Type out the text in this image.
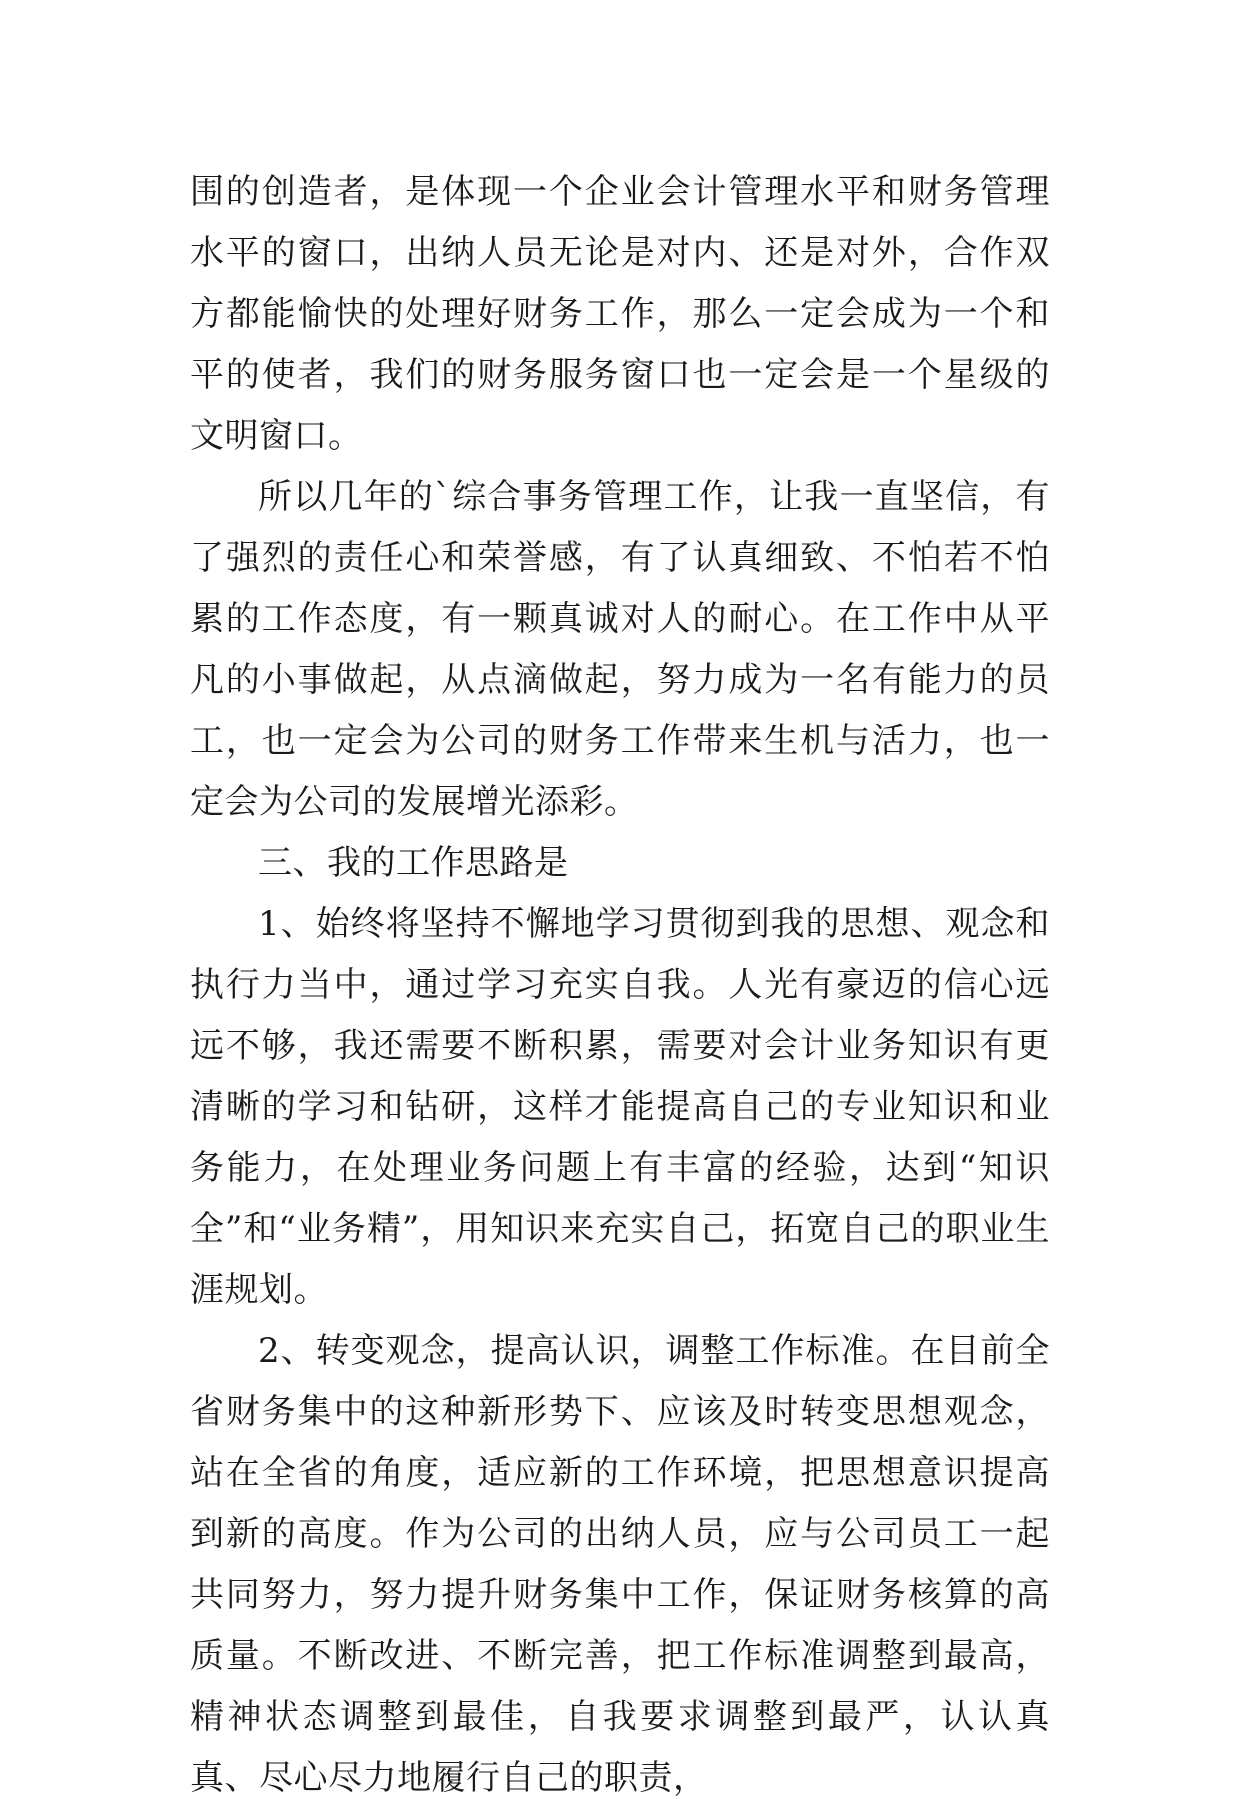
围的创造者，是体现一个企业会计管理水平和财务管理水平的窗口，出纳人员无论是对内、还是对外，合作双方都能愉快的处理好财务工作，那么一定会成为一个和平的使者，我们的财务服务窗口也一定会是一个星级的文明窗口。

所以几年的`综合事务管理工作，让我一直坚信，有了强烈的责任心和荣誉感，有了认真细致、不怕若不怕累的工作态度，有一颗真诚对人的耐心。在工作中从平凡的小事做起，从点滴做起，努力成为一名有能力的员工，也一定会为公司的财务工作带来生机与活力，也一定会为公司的发展增光添彩。

三、我的工作思路是

1、始终将坚持不懈地学习贯彻到我的思想、观念和执行力当中，通过学习充实自我。人光有豪迈的信心远远不够，我还需要不断积累，需要对会计业务知识有更清晰的学习和钻研，这样才能提高自己的专业知识和业务能力，在处理业务问题上有丰富的经验，达到“知识全”和“业务精”，用知识来充实自己，拓宽自己的职业生涯规划。

2、转变观念，提高认识，调整工作标准。在目前全省财务集中的这种新形势下、应该及时转变思想观念，站在全省的角度，适应新的工作环境，把思想意识提高到新的高度。作为公司的出纳人员，应与公司员工一起共同努力，努力提升财务集中工作，保证财务核算的高质量。不断改进、不断完善，把工作标准调整到最高，精神状态调整到最佳，自我要求调整到最严，认认真真、尽心尽力地履行自己的职责，
